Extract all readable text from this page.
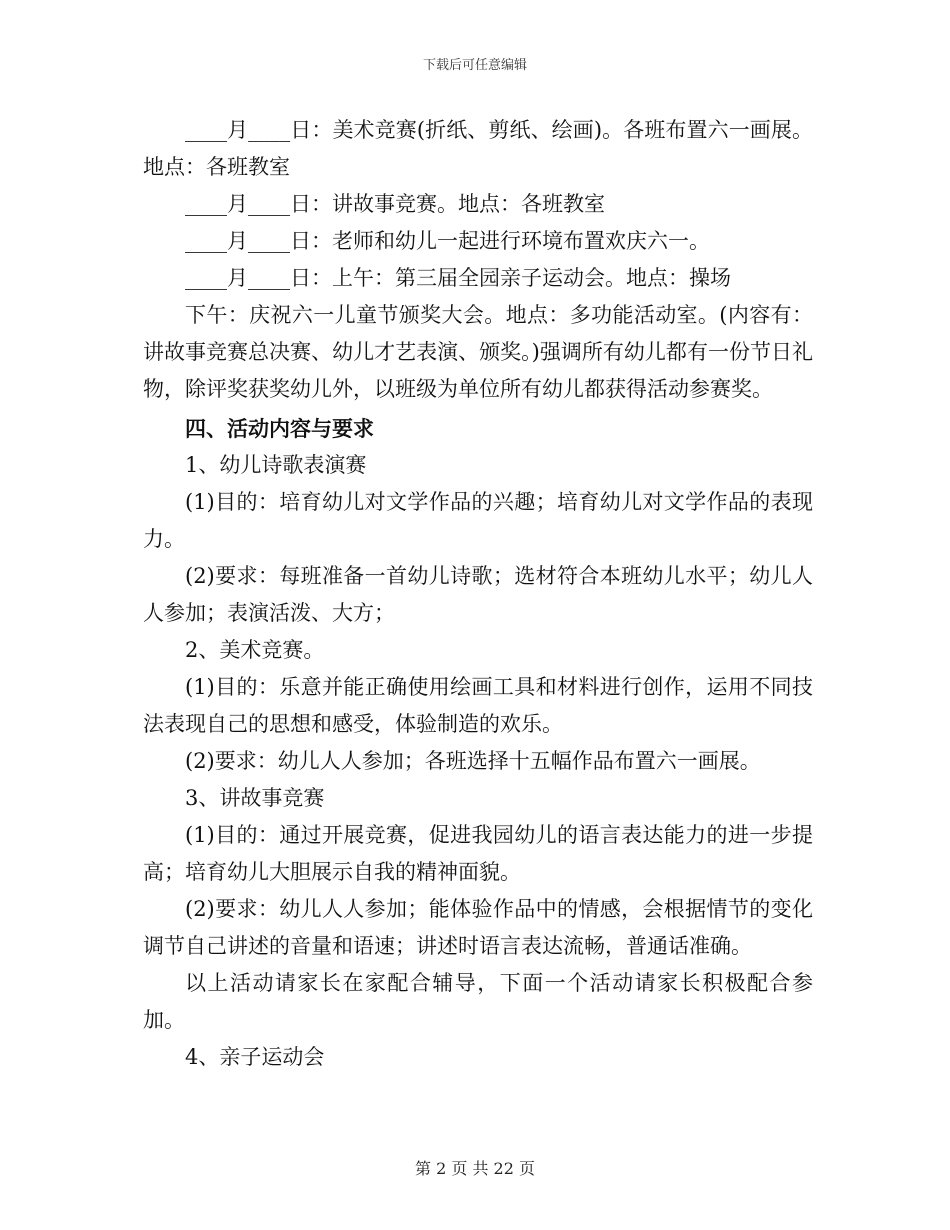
下载后可任意编辑

____月____日：美术竞赛(折纸、剪纸、绘画)。各班布置六一画展。地点：各班教室

____月____日：讲故事竞赛。地点：各班教室

____月____日：老师和幼儿一起进行环境布置欢庆六一。

____月____日：上午：第三届全园亲子运动会。地点：操场

下午：庆祝六一儿童节颁奖大会。地点：多功能活动室。(内容有：讲故事竞赛总决赛、幼儿才艺表演、颁奖。)强调所有幼儿都有一份节日礼物，除评奖获奖幼儿外，以班级为单位所有幼儿都获得活动参赛奖。

四、活动内容与要求

1、幼儿诗歌表演赛

(1)目的：培育幼儿对文学作品的兴趣；培育幼儿对文学作品的表现力。

(2)要求：每班准备一首幼儿诗歌；选材符合本班幼儿水平；幼儿人人参加；表演活泼、大方；

2、美术竞赛。

(1)目的：乐意并能正确使用绘画工具和材料进行创作，运用不同技法表现自己的思想和感受，体验制造的欢乐。

(2)要求：幼儿人人参加；各班选择十五幅作品布置六一画展。

3、讲故事竞赛

(1)目的：通过开展竞赛，促进我园幼儿的语言表达能力的进一步提高；培育幼儿大胆展示自我的精神面貌。

(2)要求：幼儿人人参加；能体验作品中的情感，会根据情节的变化调节自己讲述的音量和语速；讲述时语言表达流畅，普通话准确。

以上活动请家长在家配合辅导，下面一个活动请家长积极配合参加。

4、亲子运动会

第 2 页 共 22 页
